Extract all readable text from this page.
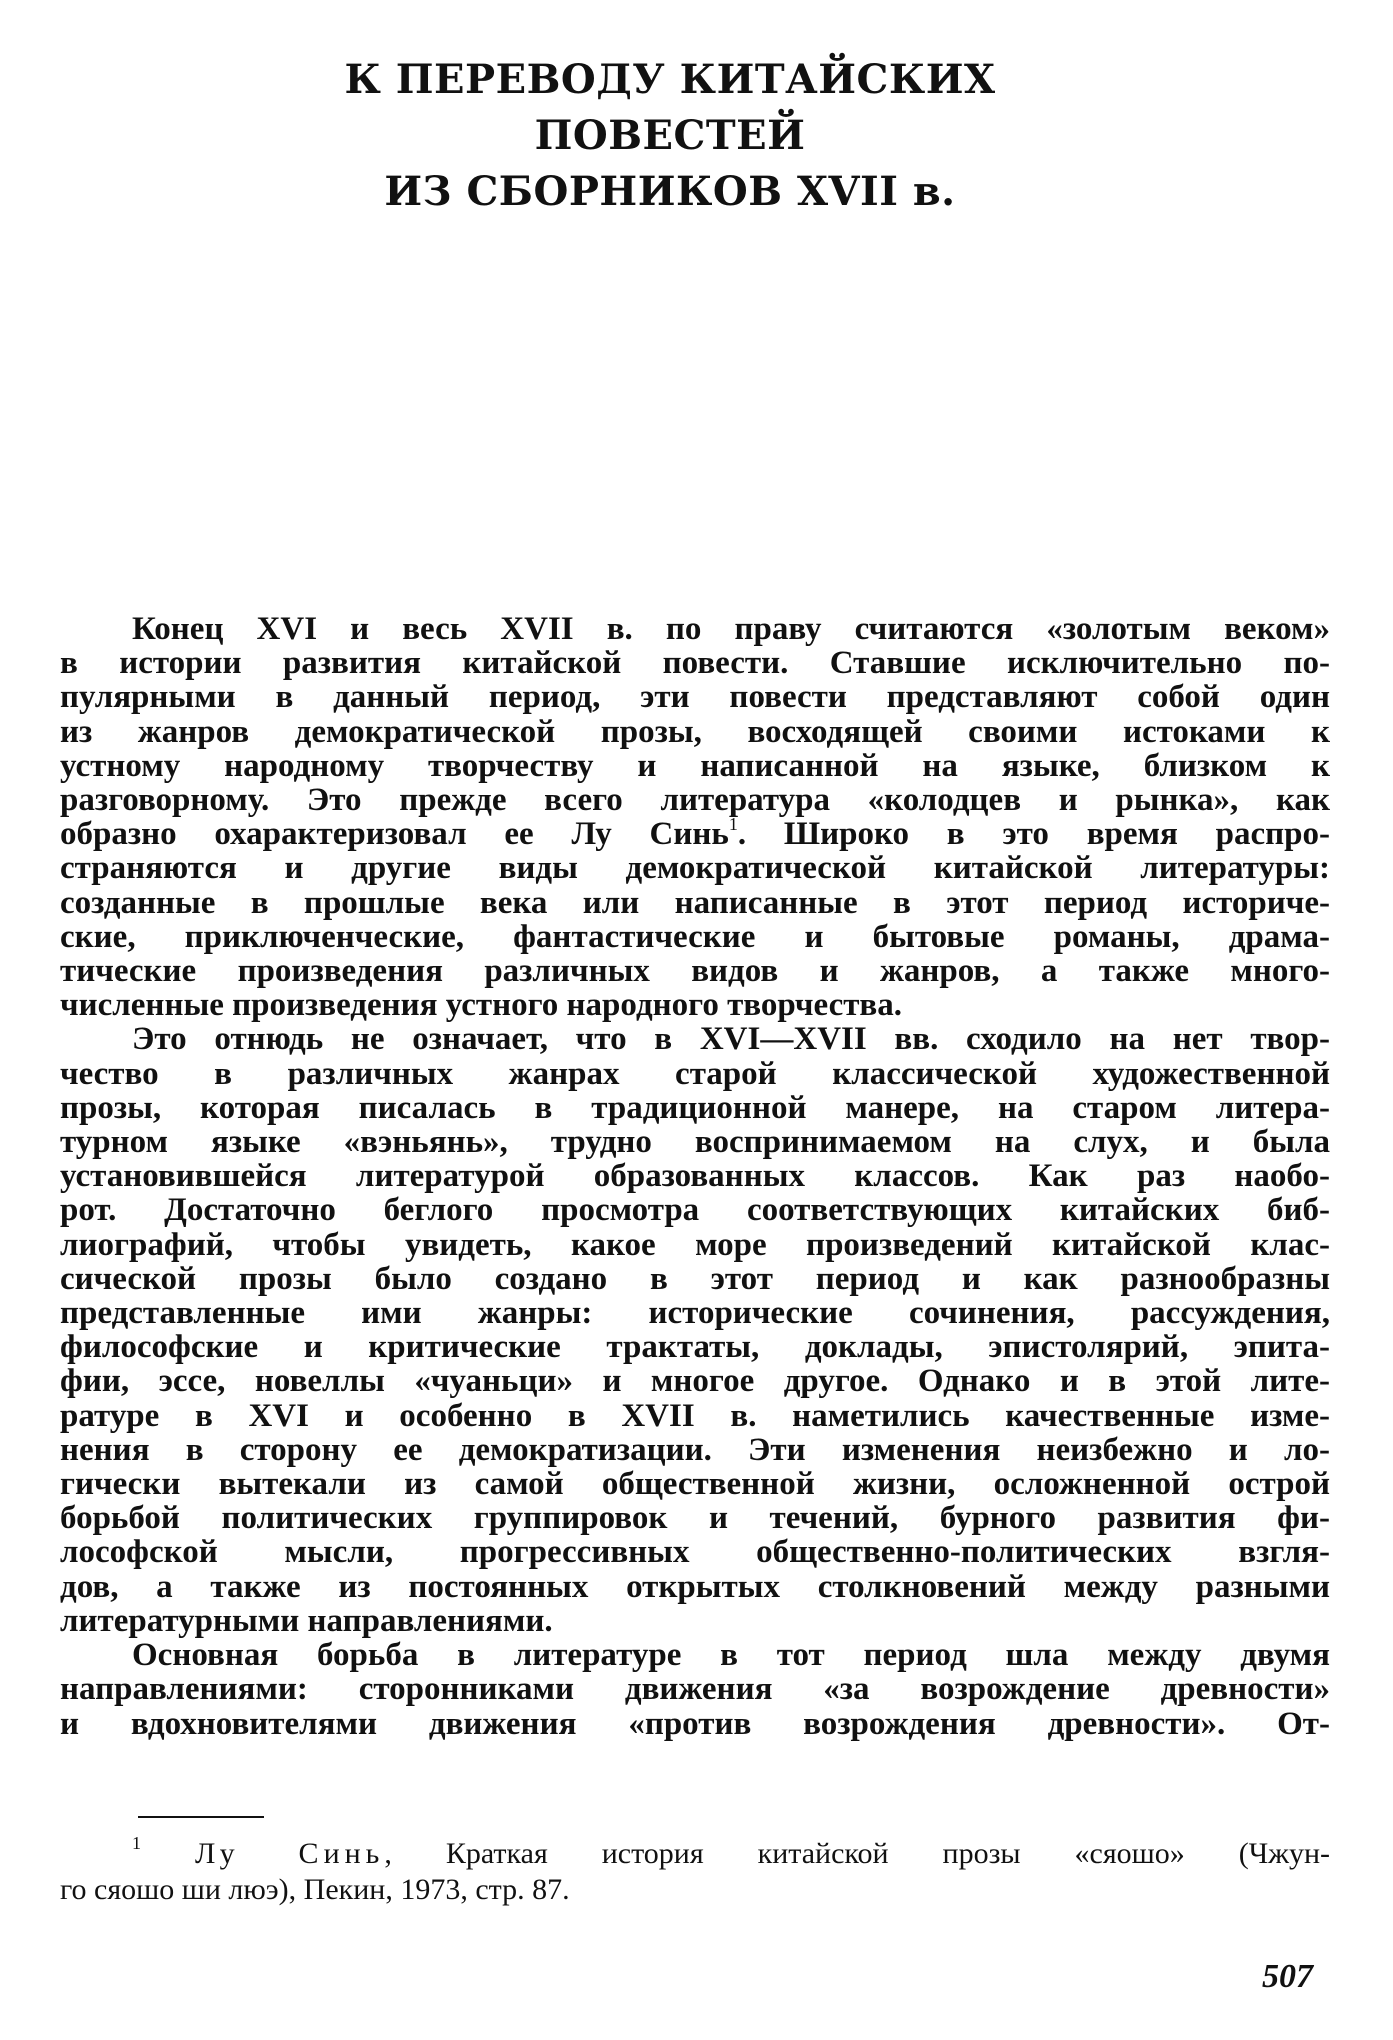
К ПЕРЕВОДУ КИТАЙСКИХ ПОВЕСТЕЙ
ИЗ СБОРНИКОВ XVII в.

Конец XVI и весь XVII в. по праву считаются «золотым веком»
в истории развития китайской повести. Ставшие исключительно по-
пулярными в данный период, эти повести представляют собой один
из жанров демократической прозы, восходящей своими истоками к
устному народному творчеству и написанной на языке, близком к
разговорному. Это прежде всего литература «колодцев и рынка», как
образно охарактеризовал ее Лу Синь$^1$. Широко в это время распро-
страняются и другие виды демократической китайской литературы:
созданные в прошлые века или написанные в этот период историче-
ские, приключенческие, фантастические и бытовые романы, драма-
тические произведения различных видов и жанров, а также много-
численные произведения устного народного творчества.

Это отнюдь не означает, что в XVI—XVII вв. сходило на нет твор-
чество в различных жанрах старой классической художественной
прозы, которая писалась в традиционной манере, на старом литера-
турном языке «вэньянь», трудно воспринимаемом на слух, и была
установившейся литературой образованных классов. Как раз наобо-
рот. Достаточно беглого просмотра соответствующих китайских биб-
лиографий, чтобы увидеть, какое море произведений китайской клас-
сической прозы было создано в этот период и как разнообразны
представленные ими жанры: исторические сочинения, рассуждения,
философские и критические трактаты, доклады, эпистолярий, эпита-
фии, эссе, новеллы «чуаньци» и многое другое. Однако и в этой лите-
ратуре в XVI и особенно в XVII в. наметились качественные изме-
нения в сторону ее демократизации. Эти изменения неизбежно и ло-
гически вытекали из самой общественной жизни, осложненной острой
борьбой политических группировок и течений, бурного развития фи-
лософской мысли, прогрессивных общественно-политических взгля-
дов, а также из постоянных открытых столкновений между разными
литературными направлениями.

Основная борьба в литературе в тот период шла между двумя
направлениями: сторонниками движения «за возрождение древности»
и вдохновителями движения «против возрождения древности». От-

$^1$ Лу Синь, Краткая история китайской прозы «сяошо» (Чжун-
го сяошо ши люэ), Пекин, 1973, стр. 87.
507
